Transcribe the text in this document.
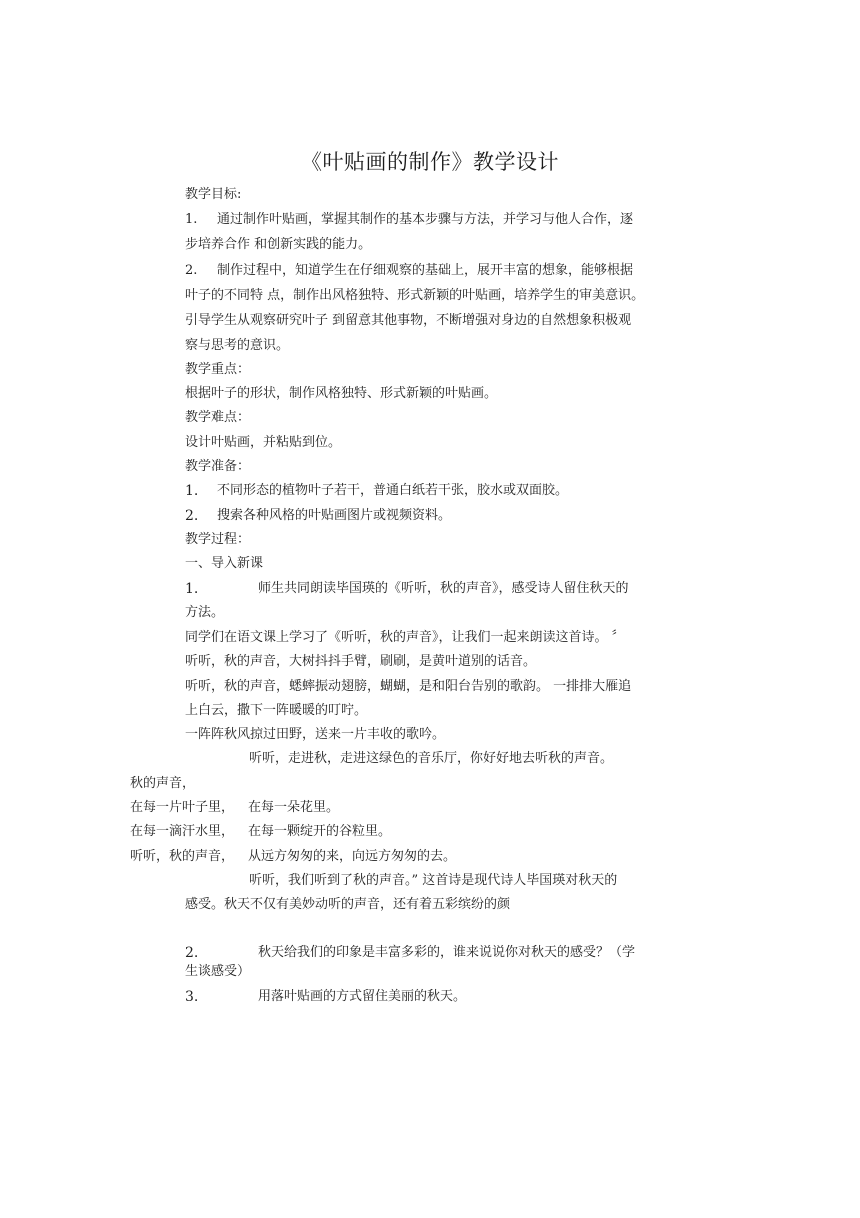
《叶贴画的制作》教学设计
教学目标:
1. 通过制作叶贴画，掌握其制作的基本步骤与方法，并学习与他人合作，逐
步培养合作 和创新实践的能力。
2. 制作过程中，知道学生在仔细观察的基础上，展开丰富的想象，能够根据
叶子的不同特 点，制作出风格独特、形式新颖的叶贴画，培养学生的审美意识。
引导学生从观察研究叶子 到留意其他事物，不断增强对身边的自然想象积极观
察与思考的意识。
教学重点：
根据叶子的形状，制作风格独特、形式新颖的叶贴画。
教学难点：
设计叶贴画，并粘贴到位。
教学准备：
1. 不同形态的植物叶子若干，普通白纸若干张，胶水或双面胶。
2. 搜索各种风格的叶贴画图片或视频资料。
教学过程：
一、导入新课
1.	师生共同朗读毕国瑛的《听听，秋的声音》，感受诗人留住秋天的
方法。
同学们在语文课上学习了《听听，秋的声音》，让我们一起来朗读这首诗。 〞
听听，秋的声音，大树抖抖手臂，刷刷，是黄叶道别的话音。
听听，秋的声音，蟋蟀振动翅膀，蝴蝴，是和阳台告别的歌韵。 一排排大雁追
上白云，撒下一阵暖暖的叮咛。
一阵阵秋风掠过田野，送来一片丰收的歌吟。
听听，走进秋，走进这绿色的音乐厅，你好好地去听秋的声音。
秋的声音，
在每一片叶子里， 在每一朵花里。
在每一滴汗水里， 在每一颗绽开的谷粒里。
听听，秋的声音， 从远方匆匆的来，向远方匆匆的去。
听听，我们听到了秋的声音。” 这首诗是现代诗人毕国瑛对秋天的
感受。秋天不仅有美妙动听的声音，还有着五彩缤纷的颜
2.	秋天给我们的印象是丰富多彩的，谁来说说你对秋天的感受？（学
生谈感受）
3.	用落叶贴画的方式留住美丽的秋天。
